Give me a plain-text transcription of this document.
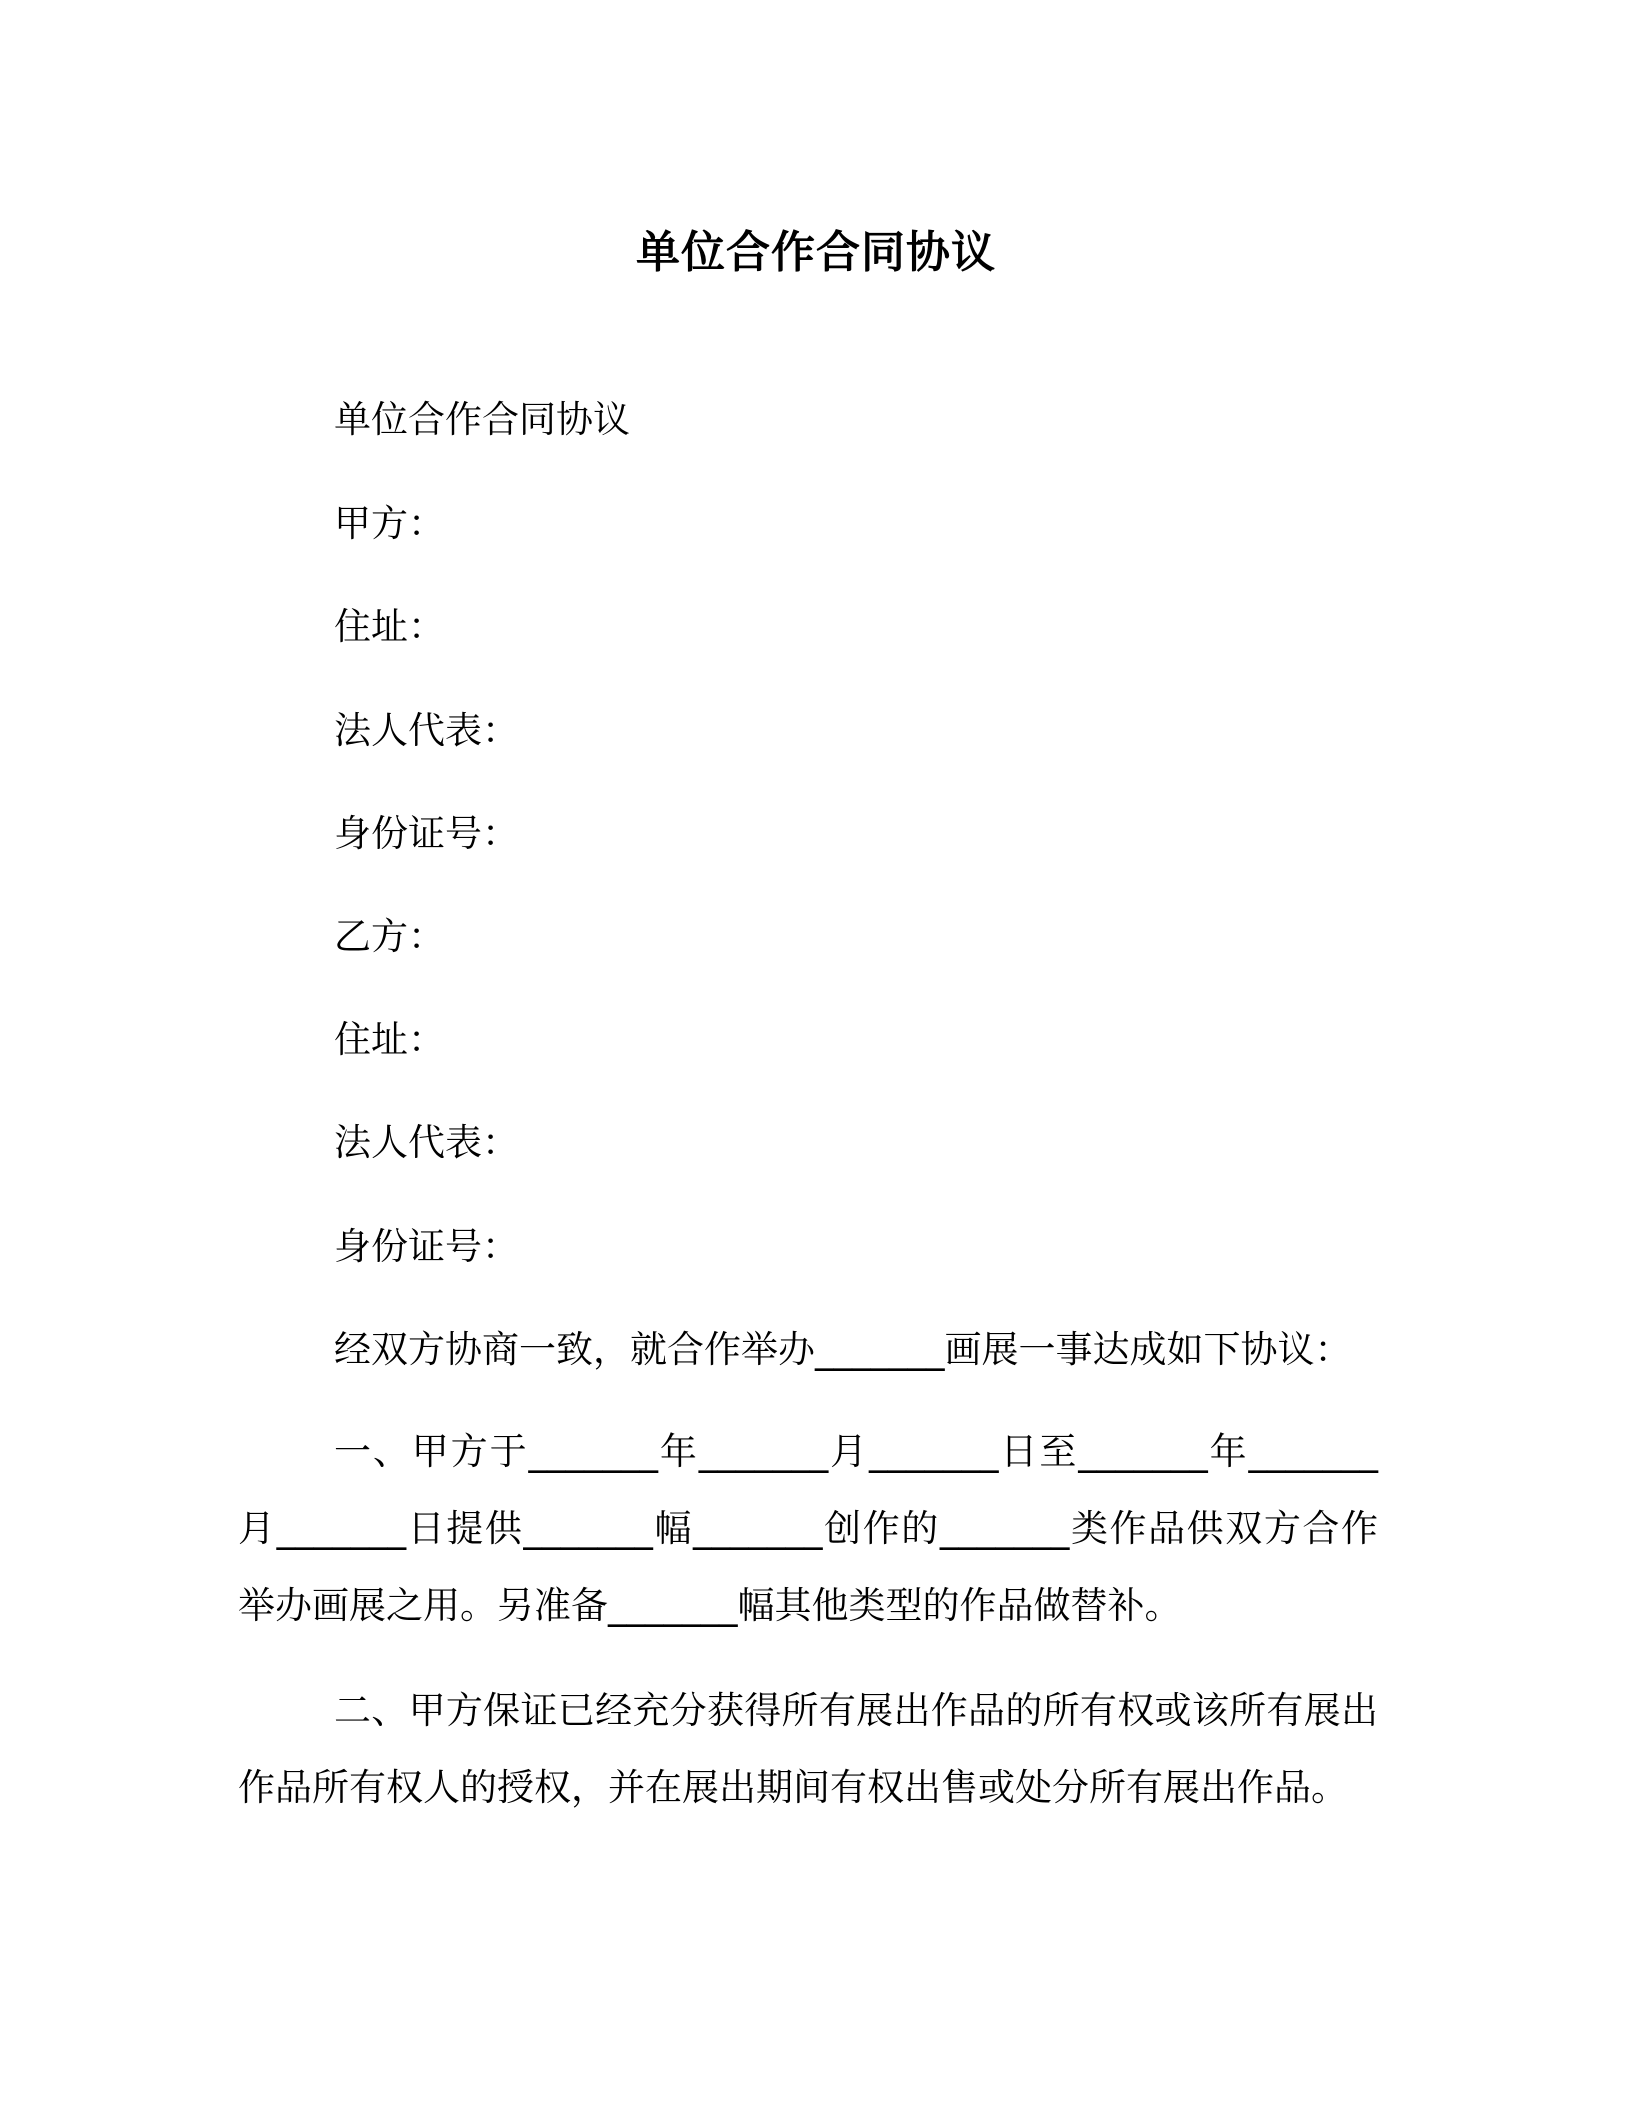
单位合作合同协议
单位合作合同协议
甲方：
住址：
法人代表：
身份证号：
乙方：
住址：
法人代表：
身份证号：
经双方协商一致，就合作举办_______画展一事达成如下协议：
一、甲方于_______年_______月_______日至_______年_______月_______日提供_______幅_______创作的_______类作品供双方合作举办画展之用。另准备_______幅其他类型的作品做替补。
二、甲方保证已经充分获得所有展出作品的所有权或该所有展出作品所有权人的授权，并在展出期间有权出售或处分所有展出作品。
